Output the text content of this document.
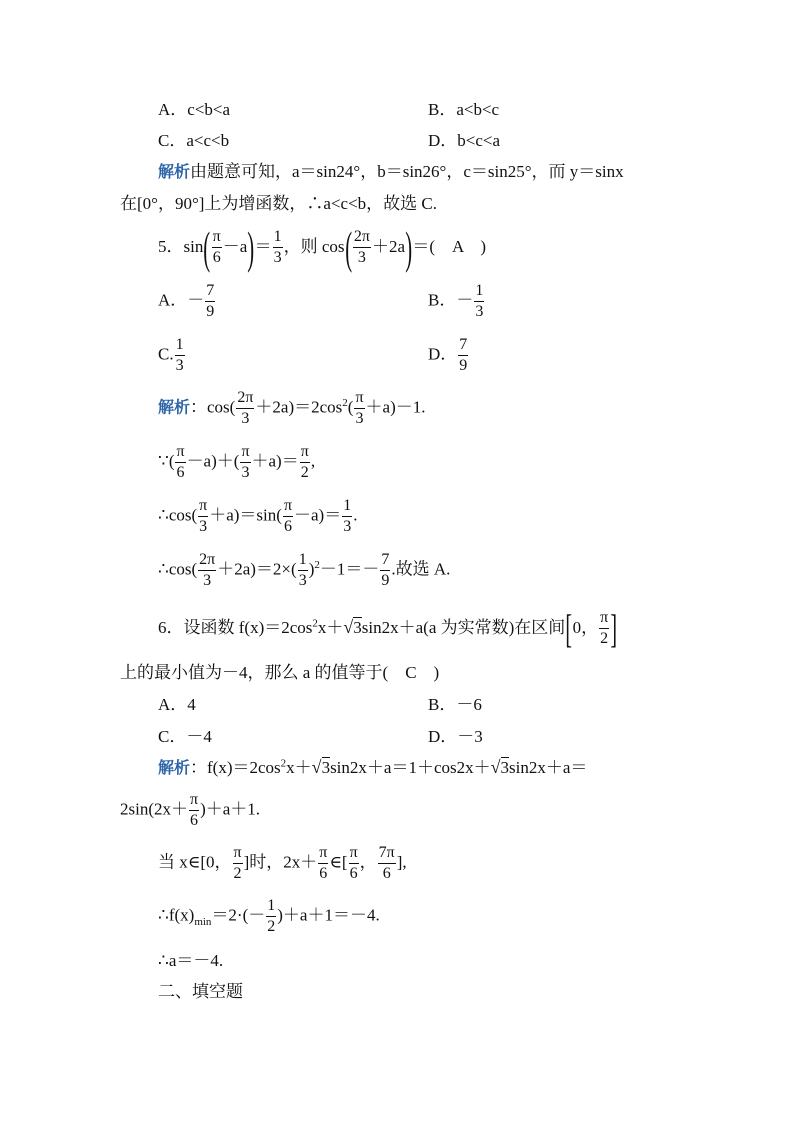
A．c<b<a	B．a<b<c
C．a<c<b	D．b<c<a
解析由题意可知，a＝sin24°，b＝sin26°，c＝sin25°，而 y＝sinx
在[0°，90°]上为增函数，∴a<c<b，故选 C.
5．$\sin( \frac{\pi}{6} -a)= \frac{1}{3}$ ，则 $\cos( \frac{2\pi}{3} +2a)=$(　A　)
A．－ $\frac{7}{9}$	B．－ $\frac{1}{3}$
C. $\frac{1}{3}$	D． $\frac{7}{9}$
解析：$\cos( \frac{2\pi}{3} +2a)=2\cos^2( \frac{\pi}{3} +a)-1$.
∵( $\frac{\pi}{6} -a)+( \frac{\pi}{3} +a)= \frac{\pi}{2}$ ,
∴cos( $\frac{\pi}{3} +a)=\sin( \frac{\pi}{6} -a)= \frac{1}{3}$ .
∴cos( $\frac{2\pi}{3} +2a)=2\times( \frac{1}{3} )^2-1=- \frac{7}{9}$ .故选 A.
6．设函数 $f(x)=2\cos^2x+√3\sin 2x+a(a$ 为实常数)在区间[0， $\frac{\pi}{2}$ ]
上的最小值为－4，那么 a 的值等于(　C　)
A．4	B．－6
C．－4	D．－3
解析：$f(x)=2\cos^2x+√3\sin 2x+a=1+\cos 2x+√3\sin 2x+a=$
$2\sin(2x+ \frac{\pi}{6} )+a+1$.
当 x∈[0， $\frac{\pi}{2}$ ]时，$2x+ \frac{\pi}{6}$ ∈[ $\frac{\pi}{6}$ ， $\frac{7\pi}{6}$ ],
$\therefore f(x)_{min}=2\cdot(- \frac{1}{2} )+a+1=-4$.
∴a＝－4.
二、填空题
